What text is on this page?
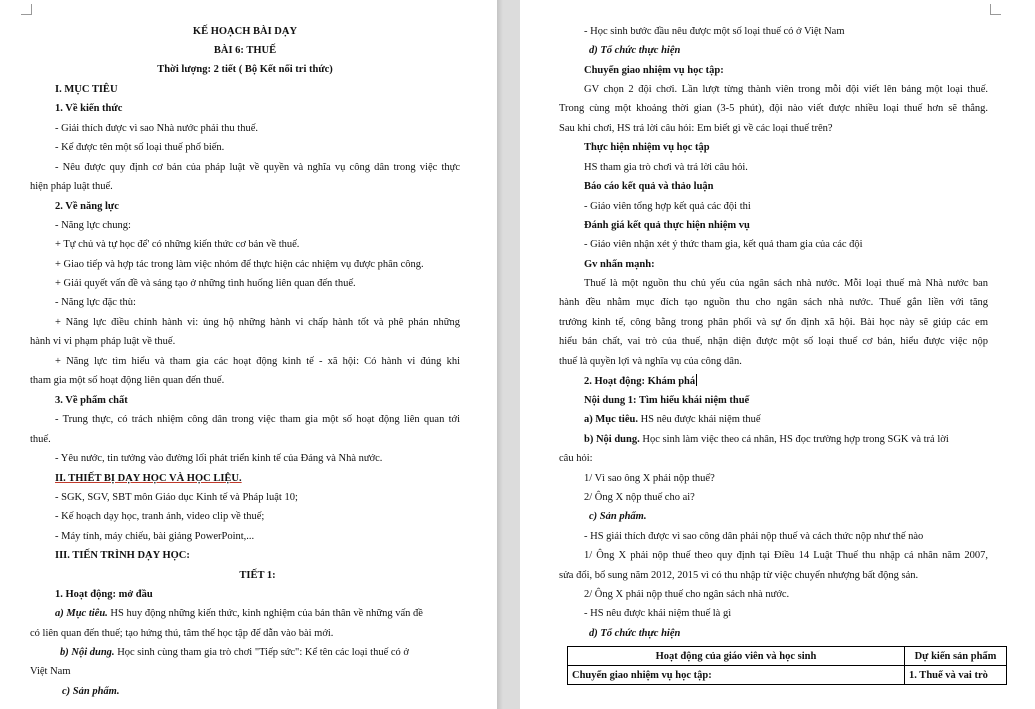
KẾ HOẠCH BÀI DẠY
BÀI 6: THUẾ
Thời lượng: 2 tiết ( Bộ Kết nối tri thức)
I. MỤC TIÊU
1. Về kiến thức
- Giải thích được vì sao Nhà nước phải thu thuế.
- Kể được tên một số loại thuế phổ biến.
- Nêu được quy định cơ bản của pháp luật về quyền và nghĩa vụ công dân trong việc thực
hiện pháp luật thuế.
2. Về năng lực
- Năng lực chung:
+ Tự chủ và tự học để' có những kiến thức cơ bản về thuế.
+ Giao tiếp và hợp tác trong làm việc nhóm để thực hiện các nhiệm vụ được phân công.
+ Giải quyết vấn đề và sáng tạo ở những tình huống liên quan đến thuế.
- Năng lực đặc thù:
+ Năng lực điều chỉnh hành vi: ủng hộ những hành vi chấp hành tốt và phê phán những
hành vi vi phạm pháp luật về thuế.
+ Năng lực tìm hiểu và tham gia các hoạt động kinh tế - xã hội: Có hành vi đúng khi
tham gia một số hoạt động liên quan đến thuế.
3. Về phẩm chất
- Trung thực, có trách nhiệm công dân trong việc tham gia một số hoạt động liên quan tới
thuế.
- Yêu nước, tin tưởng vào đường lối phát triển kinh tế của Đảng và Nhà nước.
II. THIẾT BỊ DẠY HỌC VÀ HỌC LIỆU.
- SGK, SGV, SBT môn Giáo dục Kinh tế và Pháp luật 10;
- Kế hoạch dạy học, tranh ảnh, video clip về thuế;
- Máy tính, máy chiếu, bài giảng PowerPoint,...
III. TIẾN TRÌNH DẠY HỌC:
TIẾT 1:
1. Hoạt động: mở đầu
a) Mục tiêu. HS huy động những kiến thức, kinh nghiệm của bản thân về những vấn đề
có liên quan đến thuế; tạo hứng thú, tâm thế học tập để dẫn vào bài mới.
b) Nội dung. Học sinh cùng tham gia trò chơi "Tiếp sức": Kể tên các loại thuế có ở
Việt Nam
c) Sản phẩm.
- Học sinh bước đầu nêu được một số loại thuế có ở Việt Nam
d) Tổ chức thực hiện
Chuyển giao nhiệm vụ học tập:
GV chọn 2 đội chơi. Lần lượt từng thành viên trong mỗi đội viết lên bảng một loại thuế.
Trong cùng một khoảng thời gian (3-5 phút), đội nào viết được nhiều loại thuế hơn sẽ thắng.
Sau khi chơi, HS trả lời câu hỏi: Em biết gì về các loại thuế trên?
Thực hiện nhiệm vụ học tập
HS tham gia trò chơi và trả lời câu hỏi.
Báo cáo kết quả và thảo luận
- Giáo viên tổng hợp kết quả các đội thi
Đánh giá kết quả thực hiện nhiệm vụ
- Giáo viên nhận xét ý thức tham gia, kết quả tham gia của các đội
Gv nhấn mạnh:
Thuế là một nguồn thu chủ yếu của ngân sách nhà nước. Mỗi loại thuế mà Nhà nước ban
hành đều nhằm mục đích tạo nguồn thu cho ngân sách nhà nước. Thuế gắn liền với tăng
trưởng kinh tế, công bằng trong phân phối và sự ổn định xã hội. Bài học này sẽ giúp các em
hiểu bản chất, vai trò của thuế, nhận diện được một số loại thuế cơ bản, hiểu được việc nộp
thuế là quyền lợi và nghĩa vụ của công dân.
2. Hoạt động: Khám phá
Nội dung 1: Tìm hiểu khái niệm thuế
a) Mục tiêu. HS nêu được khái niệm thuế
b) Nội dung. Học sinh làm việc theo cá nhân, HS đọc trường hợp trong SGK và trả lời
câu hỏi:
1/ Vì sao ông X phải nộp thuế?
2/ Ông X nộp thuế cho ai?
c) Sản phẩm.
- HS giải thích được vì sao công dân phải nộp thuế và cách thức nộp như thế nào
1/ Ông X phải nộp thuế theo quy định tại Điều 14 Luật Thuế thu nhập cá nhân năm 2007,
sửa đổi, bổ sung năm 2012, 2015 vì có thu nhập từ việc chuyển nhượng bất động sản.
2/ Ông X phải nộp thuế cho ngân sách nhà nước.
- HS nêu được khái niệm thuế là gì
d) Tổ chức thực hiện
Hoạt động của giáo viên và học sinh	Dự kiến sản phẩm
Chuyển giao nhiệm vụ học tập:	1. Thuế và vai trò
